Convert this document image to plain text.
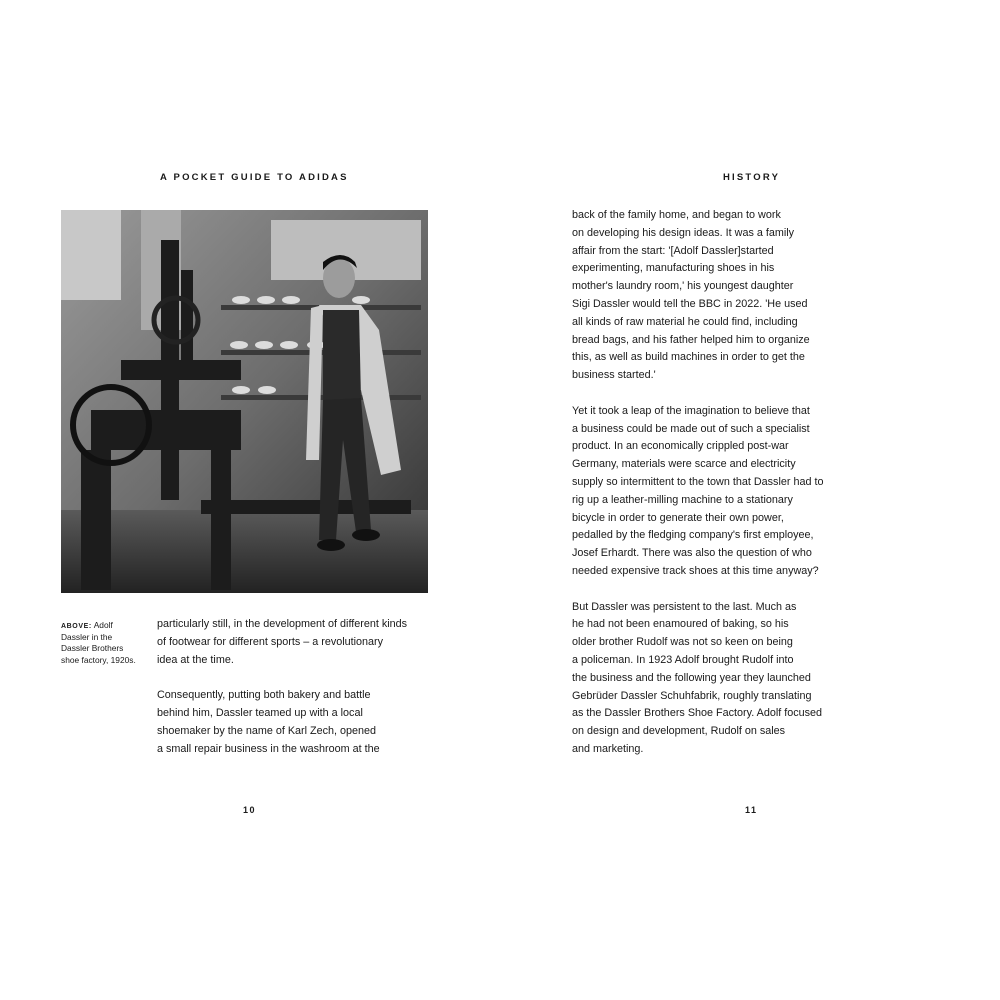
A POCKET GUIDE TO ADIDAS
ABOVE: Adolf
Dassler in the
Dassler Brothers
shoe factory, 1920s.

particularly still, in the development of different kinds
of footwear for different sports – a revolutionary
idea at the time.

Consequently, putting both bakery and battle
behind him, Dassler teamed up with a local
shoemaker by the name of Karl Zech, opened
a small repair business in the washroom at the

10
HISTORY

back of the family home, and began to work
on developing his design ideas. It was a family
affair from the start: '[Adolf Dassler]started
experimenting, manufacturing shoes in his
mother's laundry room,' his youngest daughter
Sigi Dassler would tell the BBC in 2022. 'He used
all kinds of raw material he could find, including
bread bags, and his father helped him to organize
this, as well as build machines in order to get the
business started.'

Yet it took a leap of the imagination to believe that
a business could be made out of such a specialist
product. In an economically crippled post-war
Germany, materials were scarce and electricity
supply so intermittent to the town that Dassler had to
rig up a leather-milling machine to a stationary
bicycle in order to generate their own power,
pedalled by the fledging company's first employee,
Josef Erhardt. There was also the question of who
needed expensive track shoes at this time anyway?

But Dassler was persistent to the last. Much as
he had not been enamoured of baking, so his
older brother Rudolf was not so keen on being
a policeman. In 1923 Adolf brought Rudolf into
the business and the following year they launched
Gebrüder Dassler Schuhfabrik, roughly translating
as the Dassler Brothers Shoe Factory. Adolf focused
on design and development, Rudolf on sales
and marketing.

11
